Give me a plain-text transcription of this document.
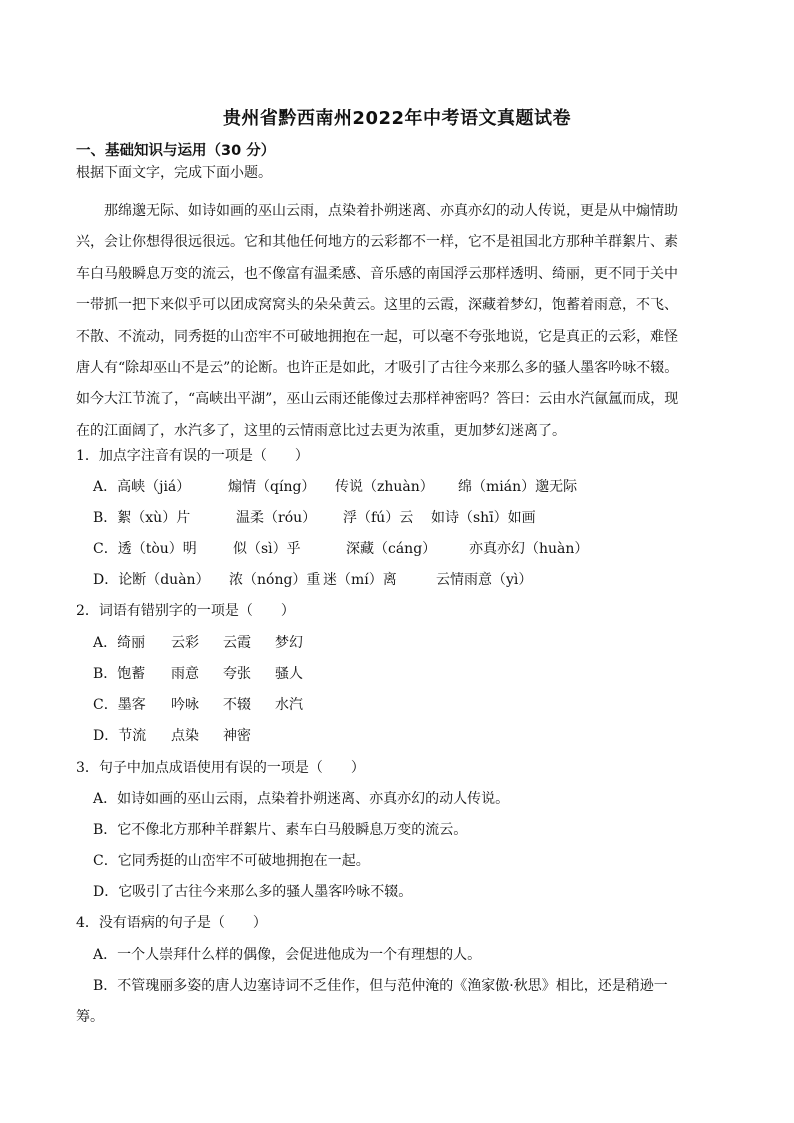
贵州省黔西南州2022年中考语文真题试卷
一、基础知识与运用（30 分）
根据下面文字，完成下面小题。
　　那绵邈无际、如诗如画的巫山云雨，点染着扑朔迷离、亦真亦幻的动人传说，更是从中煽情助
兴，会让你想得很远很远。它和其他任何地方的云彩都不一样，它不是祖国北方那种羊群絮片、素
车白马般瞬息万变的流云，也不像富有温柔感、音乐感的南国浮云那样透明、绮丽，更不同于关中
一带抓一把下来似乎可以团成窝窝头的朵朵黄云。这里的云霞，深藏着梦幻，饱蓄着雨意，不飞、
不散、不流动，同秀挺的山峦牢不可破地拥抱在一起，可以毫不夸张地说，它是真正的云彩，难怪
唐人有“除却巫山不是云”的论断。也许正是如此，才吸引了古往今来那么多的骚人墨客吟咏不辍。
如今大江节流了，“高峡出平湖”，巫山云雨还能像过去那样神密吗？答曰：云由水汽氤氲而成，现
在的江面阔了，水汽多了，这里的云情雨意比过去更为浓重，更加梦幻迷离了。
1．加点字注音有误的一项是（　　）
A．高峡（jiá）	煽情（qíng）	传说（zhuàn）	绵（mián）邈无际
B．絮（xù）片	温柔（róu）	浮（fú）云	如诗（shī）如画
C．透（tòu）明	似（sì）乎	深藏（cáng）	亦真亦幻（huàn）
D．论断（duàn）	浓（nóng）重 迷（mí）离	云情雨意（yì）
2．词语有错别字的一项是（　　）
A．绮丽	云彩	云霞	梦幻
B．饱蓄	雨意	夸张	骚人
C．墨客	吟咏	不辍	水汽
D．节流	点染	神密
3．句子中加点成语使用有误的一项是（　　）
A．如诗如画的巫山云雨，点染着扑朔迷离、亦真亦幻的动人传说。
B．它不像北方那种羊群絮片、素车白马般瞬息万变的流云。
C．它同秀挺的山峦牢不可破地拥抱在一起。
D．它吸引了古往今来那么多的骚人墨客吟咏不辍。
4．没有语病的句子是（　　）
A．一个人崇拜什么样的偶像，会促进他成为一个有理想的人。
B．不管瑰丽多姿的唐人边塞诗词不乏佳作，但与范仲淹的《渔家傲·秋思》相比，还是稍逊一
筹。
